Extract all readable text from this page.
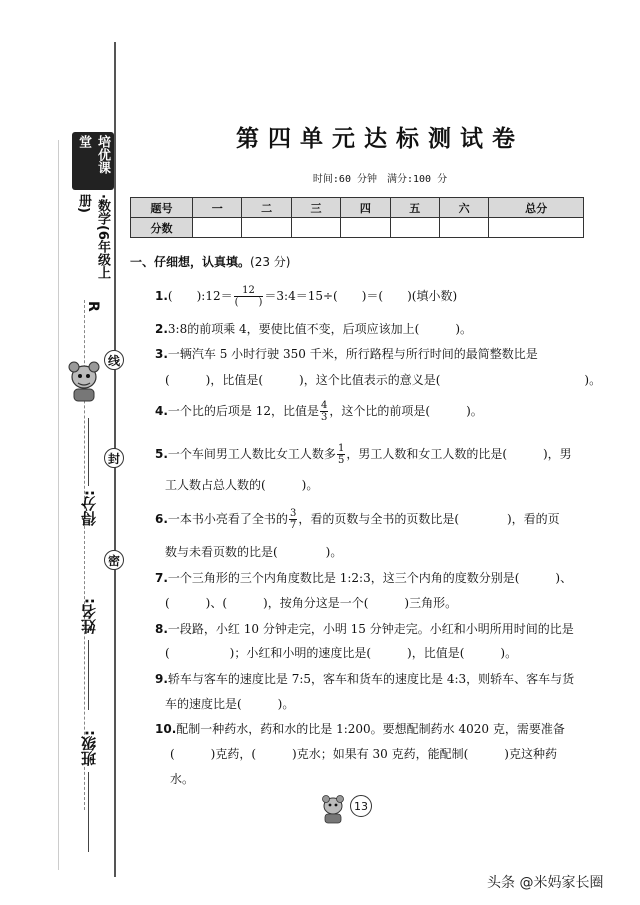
培优课堂
·数学(6年级上册)
R
线
封
密
得分:
姓名:
班级:
第四单元达标测试卷
时间:60 分钟　满分:100 分
题号	一	二	三	四	五	六	总分
分数							
一、仔细想，认真填。(23 分)
1.(　　):12＝ $\frac{12}{( )}$ ＝3:4＝15÷(　　)＝(　　)(填小数)
2.3:8的前项乘 4，要使比值不变，后项应该加上(　　　)。
3.一辆汽车 5 小时行驶 350 千米，所行路程与所行时间的最简整数比是
(　　　)，比值是(　　　)，这个比值表示的意义是(　　　　　　　　　　　　)。
4.一个比的后项是 12，比值是 $\frac{4}{3}$ ，这个比的前项是(　　　)。
5.一个车间男工人数比女工人数多 $\frac{1}{5}$ ，男工人数和女工人数的比是(　　　)，男
工人数占总人数的(　　　)。
6.一本书小亮看了全书的 $\frac{3}{7}$ ，看的页数与全书的页数比是(　　　　)，看的页
数与未看页数的比是(　　　　)。
7.一个三角形的三个内角度数比是 1:2:3，这三个内角的度数分别是(　　　)、
(　　　)、(　　　)，按角分这是一个(　　　)三角形。
8.一段路，小红 10 分钟走完，小明 15 分钟走完。小红和小明所用时间的比是
(　　　　　)；小红和小明的速度比是(　　　)，比值是(　　　)。
9.轿车与客车的速度比是 7:5，客车和货车的速度比是 4:3，则轿车、客车与货
车的速度比是(　　　)。
10.配制一种药水，药和水的比是 1:200。要想配制药水 4020 克，需要准备
(　　　)克药，(　　　)克水；如果有 30 克药，能配制(　　　)克这种药
水。
13
头条 @米妈家长圈
